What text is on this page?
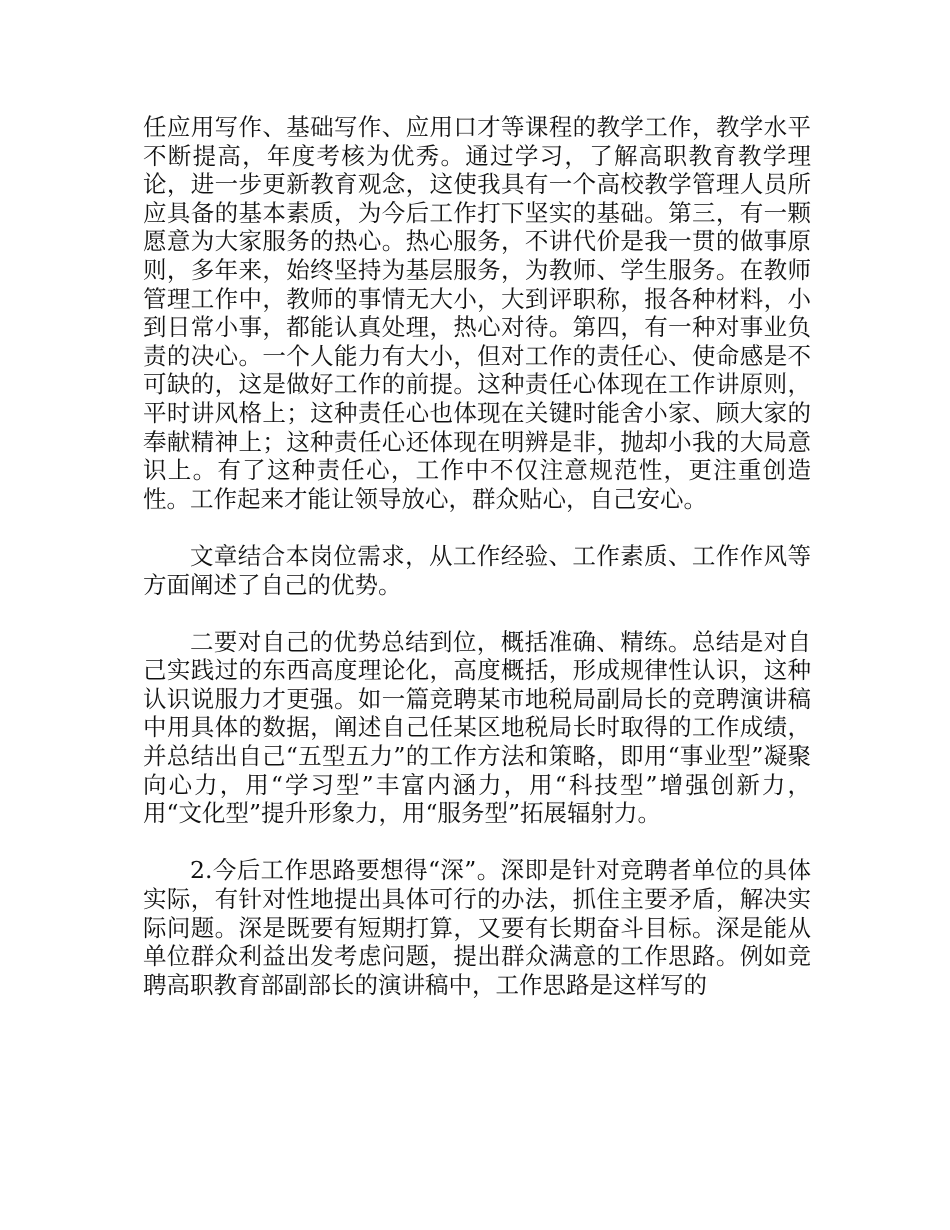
任应用写作、基础写作、应用口才等课程的教学工作，教学水平不断提高，年度考核为优秀。通过学习，了解高职教育教学理论，进一步更新教育观念，这使我具有一个高校教学管理人员所应具备的基本素质，为今后工作打下坚实的基础。第三，有一颗愿意为大家服务的热心。热心服务，不讲代价是我一贯的做事原则，多年来，始终坚持为基层服务，为教师、学生服务。在教师管理工作中，教师的事情无大小，大到评职称，报各种材料，小到日常小事，都能认真处理，热心对待。第四，有一种对事业负责的决心。一个人能力有大小，但对工作的责任心、使命感是不可缺的，这是做好工作的前提。这种责任心体现在工作讲原则，平时讲风格上；这种责任心也体现在关键时能舍小家、顾大家的奉献精神上；这种责任心还体现在明辨是非，抛却小我的大局意识上。有了这种责任心，工作中不仅注意规范性，更注重创造性。工作起来才能让领导放心，群众贴心，自己安心。

文章结合本岗位需求，从工作经验、工作素质、工作作风等方面阐述了自己的优势。

二要对自己的优势总结到位，概括准确、精练。总结是对自己实践过的东西高度理论化，高度概括，形成规律性认识，这种认识说服力才更强。如一篇竞聘某市地税局副局长的竞聘演讲稿中用具体的数据，阐述自己任某区地税局长时取得的工作成绩，并总结出自己“五型五力”的工作方法和策略，即用“事业型”凝聚向心力，用“学习型”丰富内涵力，用“科技型”增强创新力，用“文化型”提升形象力，用“服务型”拓展辐射力。

2.今后工作思路要想得“深”。深即是针对竞聘者单位的具体实际，有针对性地提出具体可行的办法，抓住主要矛盾，解决实际问题。深是既要有短期打算，又要有长期奋斗目标。深是能从单位群众利益出发考虑问题，提出群众满意的工作思路。例如竞聘高职教育部副部长的演讲稿中，工作思路是这样写的
